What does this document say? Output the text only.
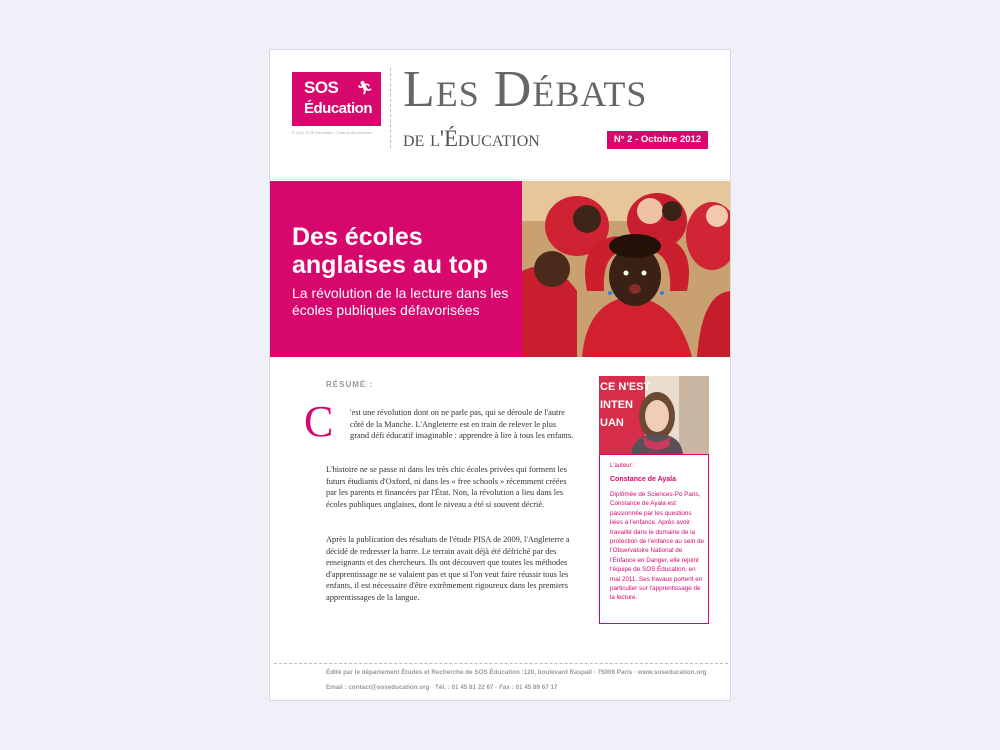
SOS 🏃︎
Éducation
© 2011 SOS Éducation - Tous droits réservés
Les Débats
de l'Éducation	N° 2 - Octobre 2012
Des écoles anglaises au top
La révolution de la lecture dans les écoles publiques défavorisées
RÉSUMÉ :
C 'est une révolution dont on ne parle pas, qui se déroule de l'autre côté de la Manche. L'Angleterre est en train de relever le plus grand défi éducatif imaginable : apprendre à lire à tous les enfants.
L'histoire ne se passe ni dans les très chic écoles privées qui forment les futurs étudiants d'Oxford, ni dans les « free schools » récemment créées par les parents et financées par l'État. Non, la révolution a lieu dans les écoles publiques anglaises, dont le niveau a été si souvent décrié.
Après la publication des résultats de l'étude PISA de 2009, l'Angleterre a décidé de redresser la barre. Le terrain avait déjà été défriché par des enseignants et des chercheurs. Ils ont découvert que toutes les méthodes d'apprentissage ne se valaient pas et que si l'on veut faire réussir tous les enfants, il est nécessaire d'être extrêmement rigoureux dans les premiers apprentissages de la langue.
CE N'EST
INTEN
UAN
L'auteur :
Constance de Ayala
Diplômée de Sciences-Po Paris, Constance de Ayala est passionnée par les questions liées à l'enfance. Après avoir travaillé dans le domaine de la protection de l'enfance au sein de l'Observatoire National de l'Enfance en Danger, elle rejoint l'équipe de SOS Éducation, en mai 2011. Ses travaux portent en particulier sur l'apprentissage de la lecture.
Édité par le département Études et Recherche de SOS Éducation :120, boulevard Raspail · 75006 Paris · www.soseducation.org
Email : contact@soseducation.org · Tél. : 01 45 81 22 67 · Fax : 01 45 89 67 17
